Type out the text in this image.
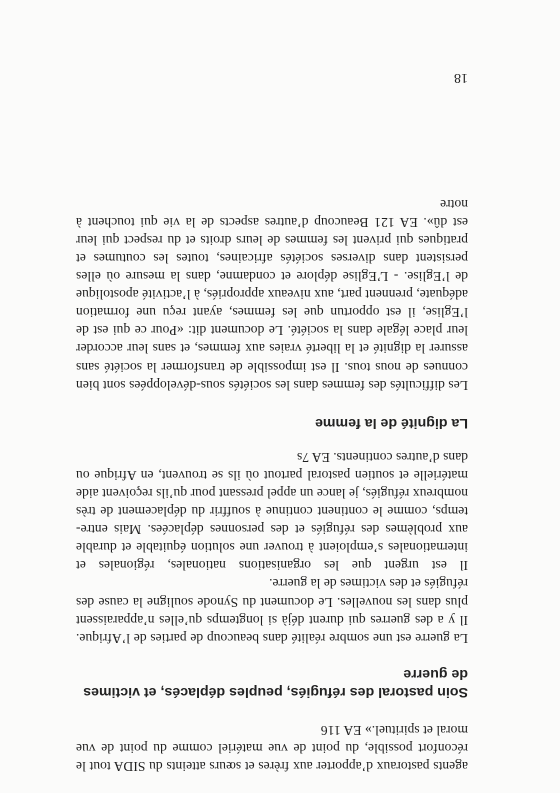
agents pastoraux d’apporter aux frères et sœurs atteints du SIDA tout le réconfort possible, du point de vue matériel comme du point de vue moral et spirituel.» EA 116

Soin pastoral des réfugiés, peuples déplacés, et victimes de guerre

La guerre est une sombre réalité dans beaucoup de parties de l’Afrique. Il y a des guerres qui durent déjà si longtemps qu’elles n’apparaissent plus dans les nouvelles. Le document du Synode souligne la cause des réfugiés et des victimes de la guerre.

Il est urgent que les organisations nationales, régionales et internationales s’emploient à trouver une solution équitable et durable aux problèmes des réfugiés et des personnes déplacées. Mais entre- temps, comme le continent continue à souffrir du déplacement de très nombreux réfugiés, je lance un appel pressant pour qu’ils reçoivent aide matérielle et soutien pastoral partout où ils se trouvent, en Afrique ou dans d’autres continents. EA 7s

La dignité de la femme

Les difficultés des femmes dans les sociétés sous-développées sont bien connues de nous tous. Il est impossible de transformer la société sans assurer la dignité et la liberté vraies aux femmes, et sans leur accorder leur place légale dans la société. Le document dit: «Pour ce qui est de l’Eglise, il est opportun que les femmes, ayant reçu une formation adéquate, prennent part, aux niveaux appropriés, à l’activité apostolique de l’Eglise. - L’Eglise déplore et condamne, dans la mesure où elles persistent dans diverses sociétés africaines, toutes les coutumes et pratiques qui privent les femmes de leurs droits et du respect qui leur est dû». EA 121 Beaucoup d’autres aspects de la vie qui touchent à notre

18
